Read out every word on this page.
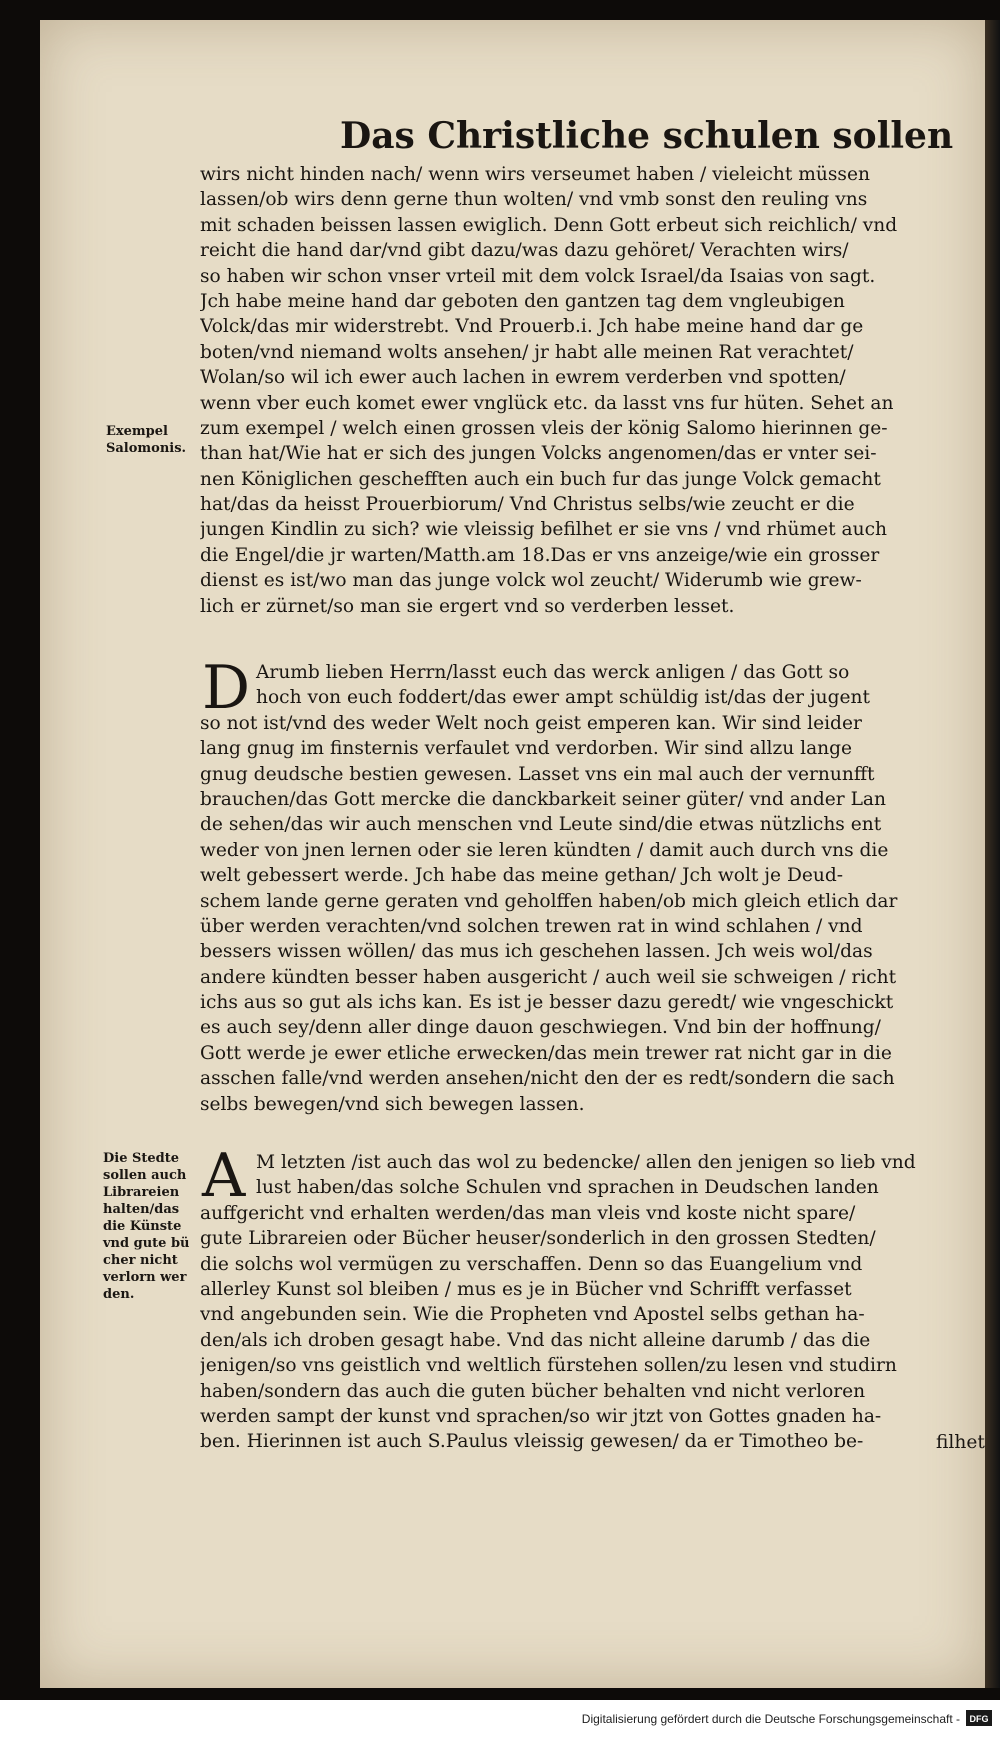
Das Christliche schulen sollen
wirs nicht hinden nach/ wenn wirs verseumet haben / vieleicht müssen
lassen/ob wirs denn gerne thun wolten/ vnd vmb sonst den reuling vns
mit schaden beissen lassen ewiglich. Denn Gott erbeut sich reichlich/ vnd
reicht die hand dar/vnd gibt dazu/was dazu gehöret/ Verachten wirs/
so haben wir schon vnser vrteil mit dem volck Israel/da Isaias von sagt.
Jch habe meine hand dar geboten den gantzen tag dem vngleubigen
Volck/das mir widerstrebt. Vnd Prouerb.i. Jch habe meine hand dar ge
boten/vnd niemand wolts ansehen/ jr habt alle meinen Rat verachtet/
Wolan/so wil ich ewer auch lachen in ewrem verderben vnd spotten/
wenn vber euch komet ewer vnglück etc. da lasst vns fur hüten. Sehet an
zum exempel / welch einen grossen vleis der könig Salomo hierinnen ge-
than hat/Wie hat er sich des jungen Volcks angenomen/das er vnter sei-
nen Königlichen geschefften auch ein buch fur das junge Volck gemacht
hat/das da heisst Prouerbiorum/ Vnd Christus selbs/wie zeucht er die
jungen Kindlin zu sich? wie vleissig befilhet er sie vns / vnd rhümet auch
die Engel/die jr warten/Matth.am 18.Das er vns anzeige/wie ein grosser
dienst es ist/wo man das junge volck wol zeucht/ Widerumb wie grew-
lich er zürnet/so man sie ergert vnd so verderben lesset.
D Arumb lieben Herrn/lasst euch das werck anligen / das Gott so
hoch von euch foddert/das ewer ampt schüldig ist/das der jugent
so not ist/vnd des weder Welt noch geist emperen kan. Wir sind leider
lang gnug im finsternis verfaulet vnd verdorben. Wir sind allzu lange
gnug deudsche bestien gewesen. Lasset vns ein mal auch der vernunfft
brauchen/das Gott mercke die danckbarkeit seiner güter/ vnd ander Lan
de sehen/das wir auch menschen vnd Leute sind/die etwas nützlichs ent
weder von jnen lernen oder sie leren kündten / damit auch durch vns die
welt gebessert werde. Jch habe das meine gethan/ Jch wolt je Deud-
schem lande gerne geraten vnd geholffen haben/ob mich gleich etlich dar
über werden verachten/vnd solchen trewen rat in wind schlahen / vnd
bessers wissen wöllen/ das mus ich geschehen lassen. Jch weis wol/das
andere kündten besser haben ausgericht / auch weil sie schweigen / richt
ichs aus so gut als ichs kan. Es ist je besser dazu geredt/ wie vngeschickt
es auch sey/denn aller dinge dauon geschwiegen. Vnd bin der hoffnung/
Gott werde je ewer etliche erwecken/das mein trewer rat nicht gar in die
asschen falle/vnd werden ansehen/nicht den der es redt/sondern die sach
selbs bewegen/vnd sich bewegen lassen.
A M letzten /ist auch das wol zu bedencke/ allen den jenigen so lieb vnd
lust haben/das solche Schulen vnd sprachen in Deudschen landen
auffgericht vnd erhalten werden/das man vleis vnd koste nicht spare/
gute Librareien oder Bücher heuser/sonderlich in den grossen Stedten/
die solchs wol vermügen zu verschaffen. Denn so das Euangelium vnd
allerley Kunst sol bleiben / mus es je in Bücher vnd Schrifft verfasset
vnd angebunden sein. Wie die Propheten vnd Apostel selbs gethan ha-
den/als ich droben gesagt habe. Vnd das nicht alleine darumb / das die
jenigen/so vns geistlich vnd weltlich fürstehen sollen/zu lesen vnd studirn
haben/sondern das auch die guten bücher behalten vnd nicht verloren
werden sampt der kunst vnd sprachen/so wir jtzt von Gottes gnaden ha-
ben. Hierinnen ist auch S.Paulus vleissig gewesen/ da er Timotheo be-	filhet
Exempel
Salomonis.
Die Stedte
sollen auch
Librareien
halten/das
die Künste
vnd gute bü
cher nicht
verlorn wer
den.
Digitalisierung gefördert durch die Deutsche Forschungsgemeinschaft - DFG
